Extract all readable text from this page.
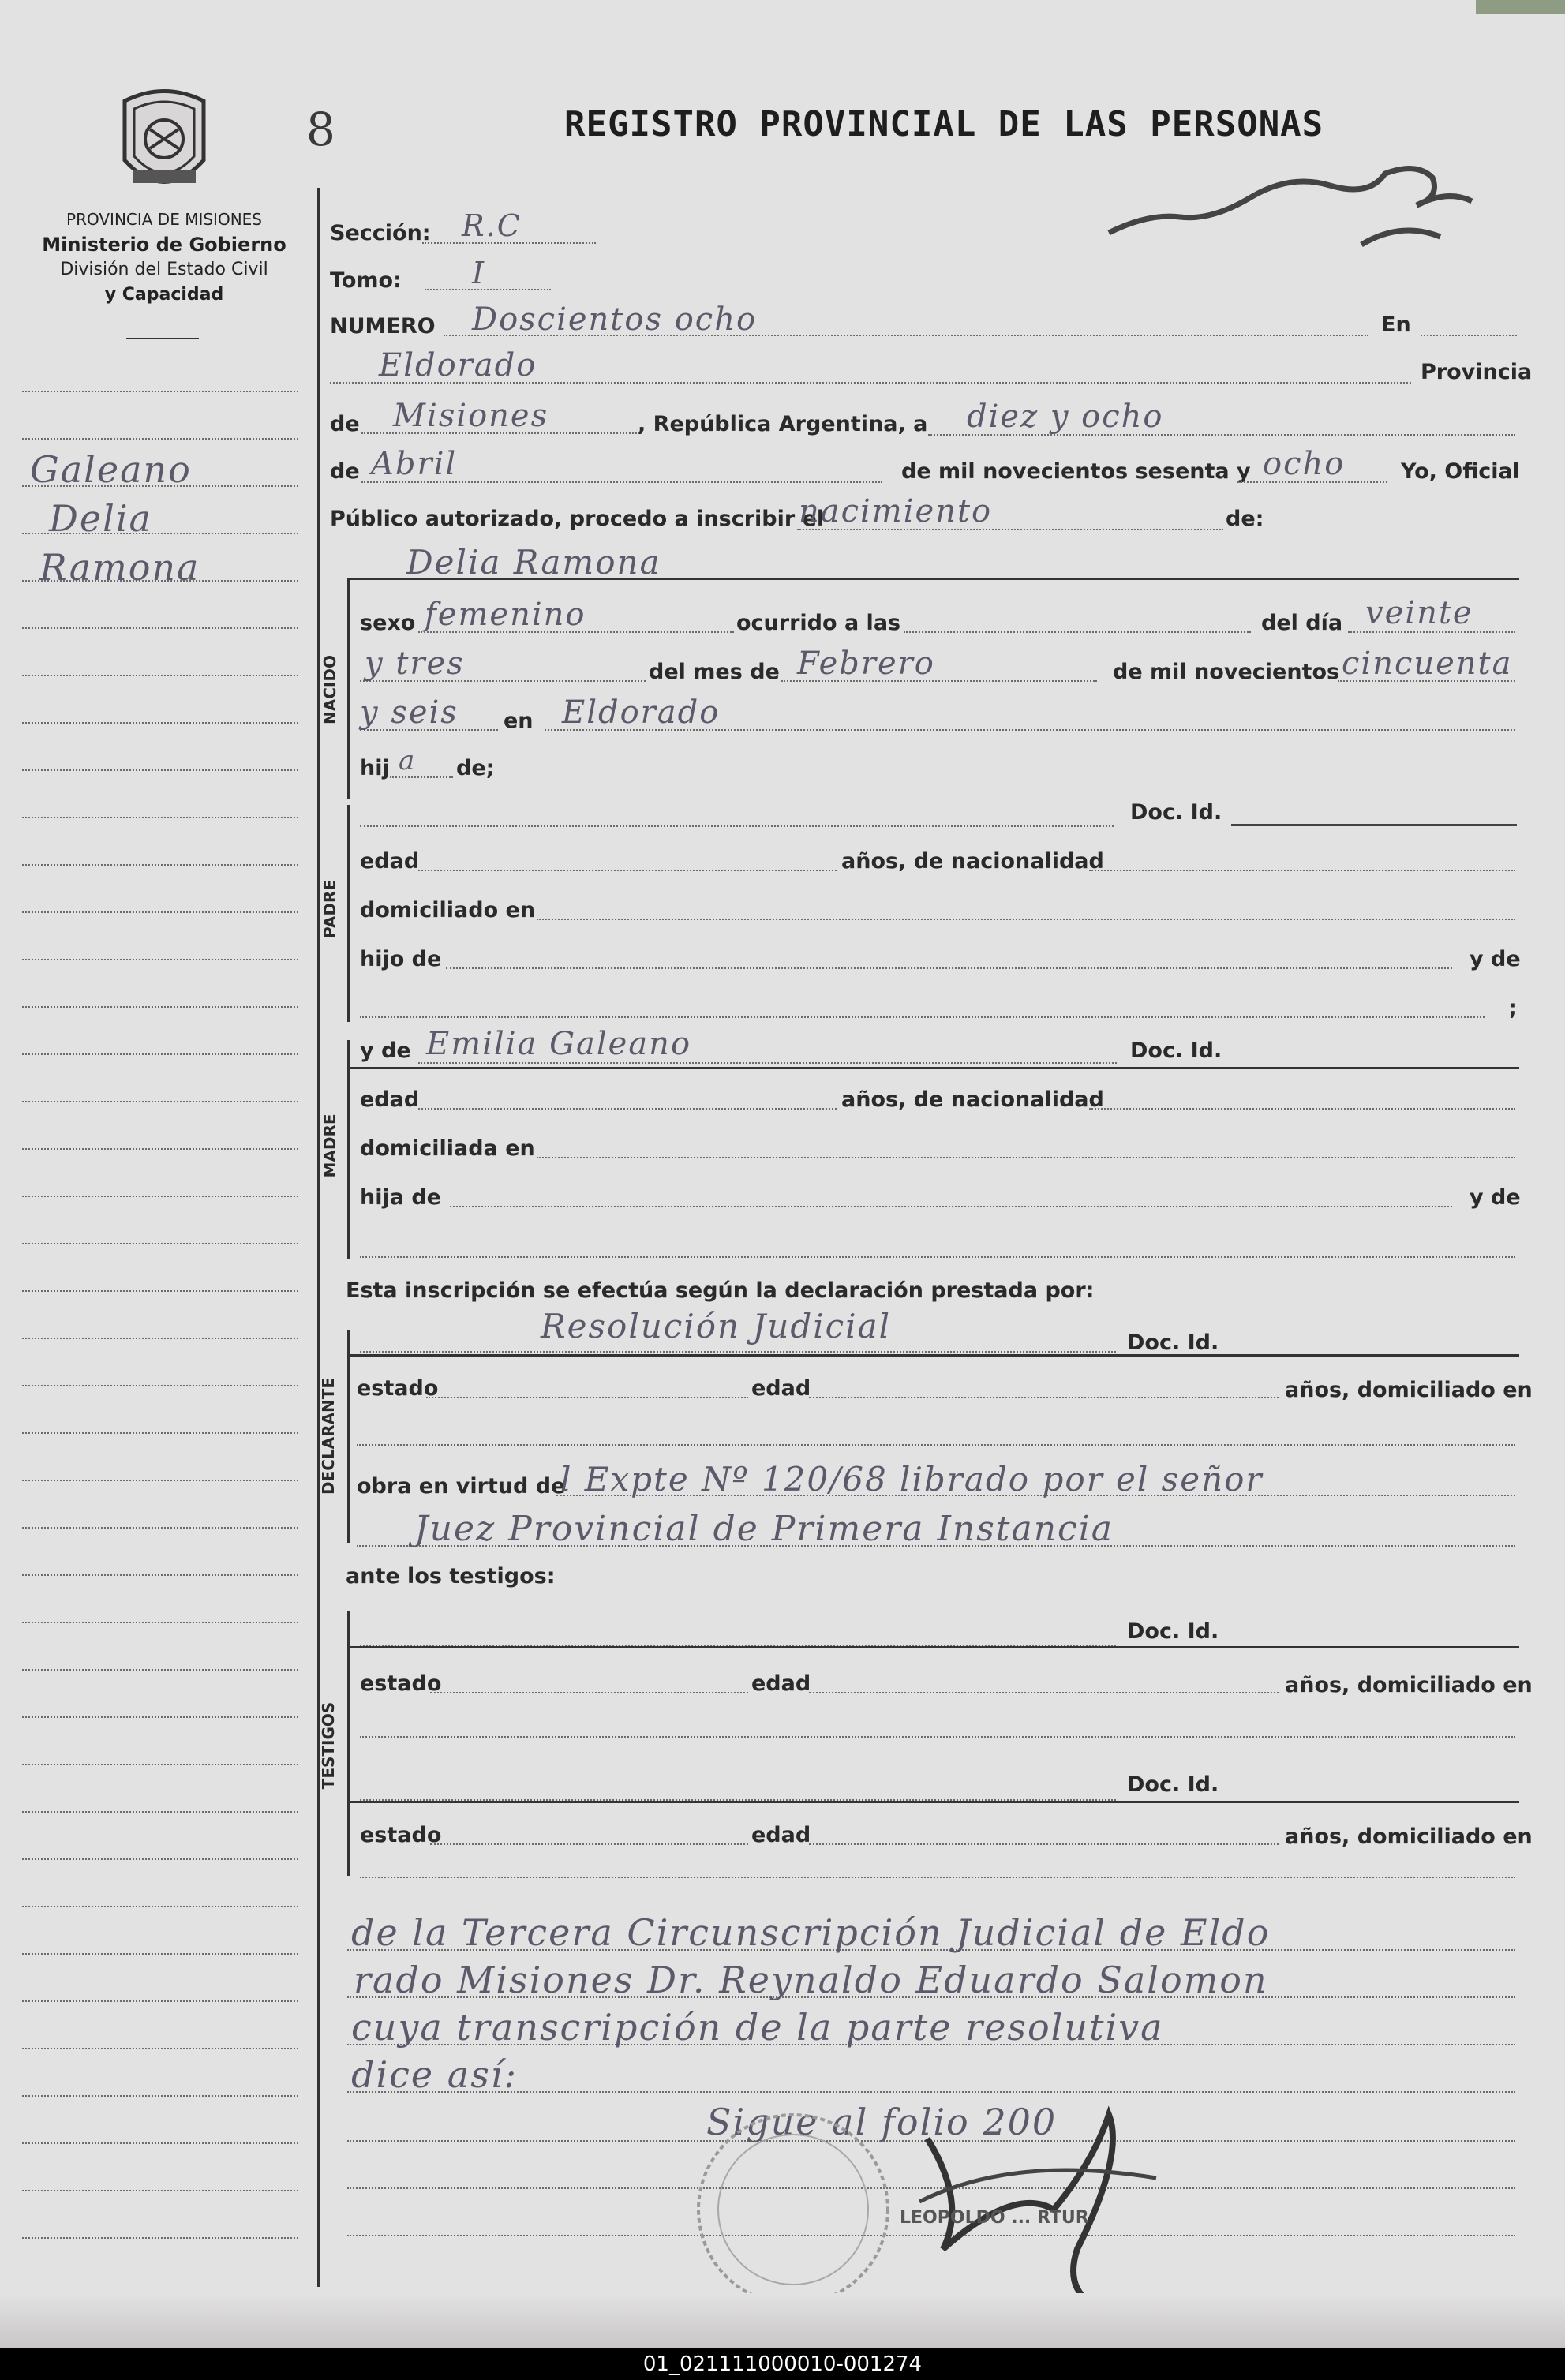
8	REGISTRO PROVINCIAL DE LAS PERSONAS
PROVINCIA DE MISIONES
Ministerio de Gobierno
División del Estado Civil
y Capacidad
Galeano
Delia
Ramona
Sección: R.C
Tomo: I
NUMERO Doscientos ocho	En
Eldorado	Provincia
de Misiones	, República Argentina, a diez y ocho
de Abril	de mil novecientos sesenta y ocho	Yo, Oficial
Público autorizado, procedo a inscribir el
nacimiento	de:
Delia Ramona
NACIDO
sexo femenino	ocurrido a las	del día veinte
y tres	del mes de Febrero	de mil novecientos cincuenta
y seis en Eldorado
hij a de;
PADRE
Doc. Id.
edad	años, de nacionalidad
domiciliado en
hijo de	y de
;
MADRE
y de Emilia Galeano	Doc. Id.
edad	años, de nacionalidad
domiciliada en
hija de	y de
Esta inscripción se efectúa según la declaración prestada por:
DECLARANTE
Resolución Judicial	Doc. Id.
estado	edad	años, domiciliado en
obra en virtud de
l Expte Nº 120/68 librado por el señor
Juez Provincial de Primera Instancia
ante los testigos:
TESTIGOS
Doc. Id.
estado	edad	años, domiciliado en
Doc. Id.
estado	edad	años, domiciliado en
de la Tercera Circunscripción Judicial de Eldo
rado Misiones Dr. Reynaldo Eduardo Salomon
cuya transcripción de la parte resolutiva
dice así:
Sigue al folio 200
LEOPOLDO ... RTUR
01_021111000010-001274
